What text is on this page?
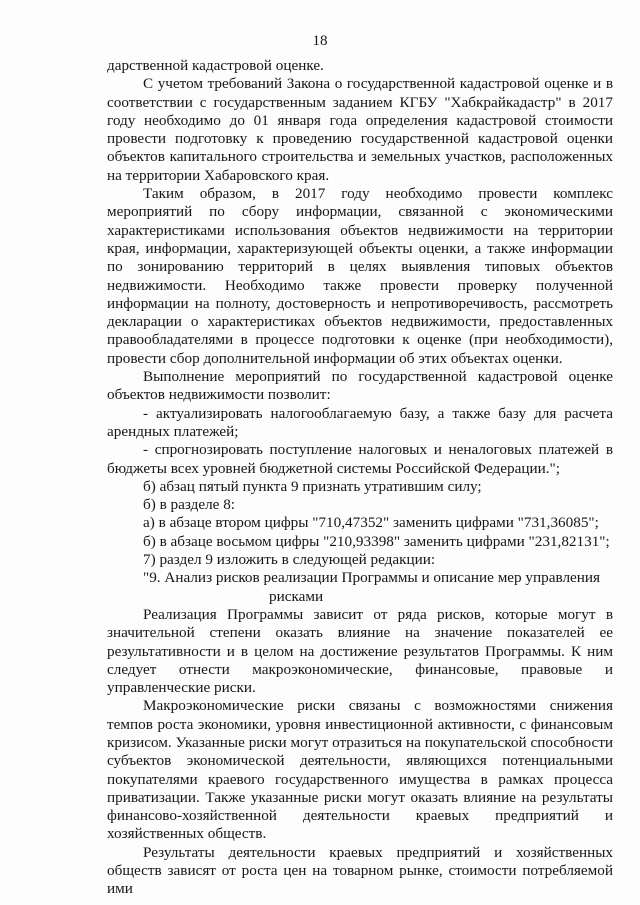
18

дарственной кадастровой оценке.

С учетом требований Закона о государственной кадастровой оценке и в соответствии с государственным заданием КГБУ "Хабкрайкадастр" в 2017 году необходимо до 01 января года определения кадастровой стоимости провести подготовку к проведению государственной кадастровой оценки объектов капитального строительства и земельных участков, расположенных на территории Хабаровского края.

Таким образом, в 2017 году необходимо провести комплекс мероприятий по сбору информации, связанной с экономическими характеристиками использования объектов недвижимости на территории края, информации, характеризующей объекты оценки, а также информации по зонированию территорий в целях выявления типовых объектов недвижимости. Необходимо также провести проверку полученной информации на полноту, достоверность и непротиворечивость, рассмотреть декларации о характеристиках объектов недвижимости, предоставленных правообладателями в процессе подготовки к оценке (при необходимости), провести сбор дополнительной информации об этих объектах оценки.

Выполнение мероприятий по государственной кадастровой оценке объектов недвижимости позволит:

- актуализировать налогооблагаемую базу, а также базу для расчета арендных платежей;

- спрогнозировать поступление налоговых и неналоговых платежей в бюджеты всех уровней бюджетной системы Российской Федерации.";

б) абзац пятый пункта 9 признать утратившим силу;

б) в разделе 8:

а) в абзаце втором цифры "710,47352" заменить цифрами "731,36085";

б) в абзаце восьмом цифры "210,93398" заменить цифрами "231,82131";

7) раздел 9 изложить в следующей редакции:

"9. Анализ рисков реализации Программы и описание мер управления
рисками

Реализация Программы зависит от ряда рисков, которые могут в значительной степени оказать влияние на значение показателей ее результативности и в целом на достижение результатов Программы. К ним следует отнести макроэкономические, финансовые, правовые и управленческие риски.

Макроэкономические риски связаны с возможностями снижения темпов роста экономики, уровня инвестиционной активности, с финансовым кризисом. Указанные риски могут отразиться на покупательской способности субъектов экономической деятельности, являющихся потенциальными покупателями краевого государственного имущества в рамках процесса приватизации. Также указанные риски могут оказать влияние на результаты финансово-хозяйственной деятельности краевых предприятий и хозяйственных обществ.

Результаты деятельности краевых предприятий и хозяйственных обществ зависят от роста цен на товарном рынке, стоимости потребляемой ими
